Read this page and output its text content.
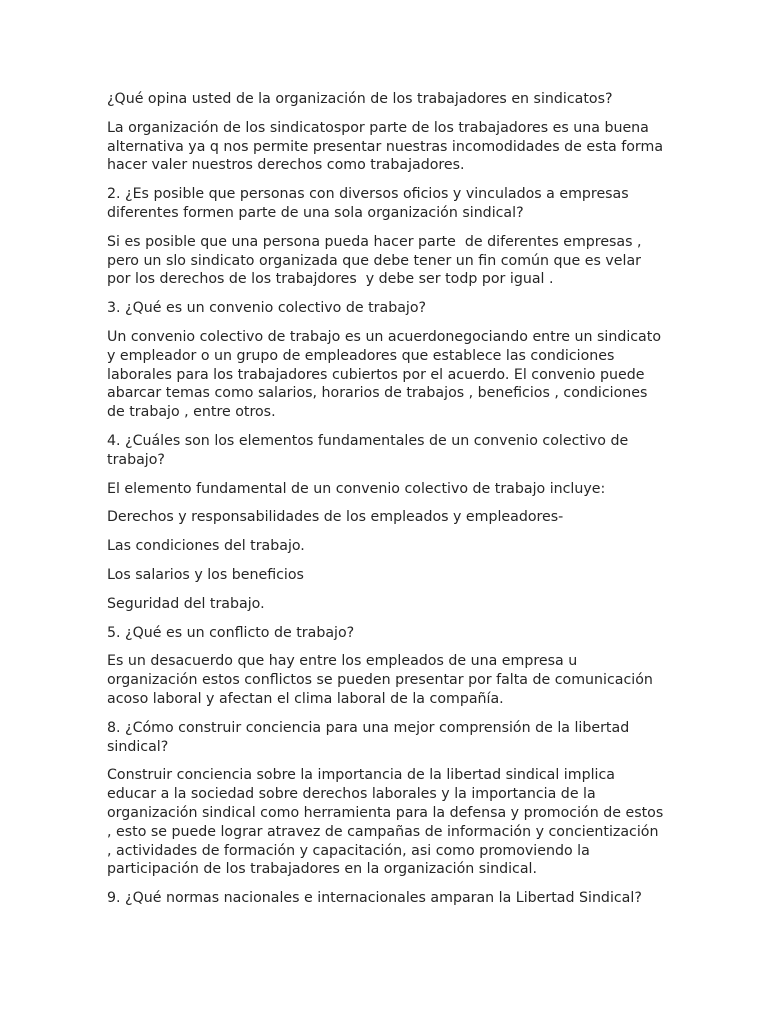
¿Qué opina usted de la organización de los trabajadores en sindicatos?

La organización de los sindicatospor parte de los trabajadores es una buena alternativa ya q nos permite presentar nuestras incomodidades de esta forma hacer valer nuestros derechos como trabajadores.

2. ¿Es posible que personas con diversos oficios y vinculados a empresas diferentes formen parte de una sola organización sindical?

Si es posible que una persona pueda hacer parte  de diferentes empresas , pero un slo sindicato organizada que debe tener un fin común que es velar por los derechos de los trabajdores  y debe ser todp por igual .

3. ¿Qué es un convenio colectivo de trabajo?

Un convenio colectivo de trabajo es un acuerdonegociando entre un sindicato y empleador o un grupo de empleadores que establece las condiciones laborales para los trabajadores cubiertos por el acuerdo. El convenio puede abarcar temas como salarios, horarios de trabajos , beneficios , condiciones de trabajo , entre otros.

4. ¿Cuáles son los elementos fundamentales de un convenio colectivo de trabajo?

El elemento fundamental de un convenio colectivo de trabajo incluye:

Derechos y responsabilidades de los empleados y empleadores-

Las condiciones del trabajo.

Los salarios y los beneficios

Seguridad del trabajo.

5. ¿Qué es un conflicto de trabajo?

Es un desacuerdo que hay entre los empleados de una empresa u organización estos conflictos se pueden presentar por falta de comunicación acoso laboral y afectan el clima laboral de la compañía.

8. ¿Cómo construir conciencia para una mejor comprensión de la libertad sindical?

Construir conciencia sobre la importancia de la libertad sindical implica educar a la sociedad sobre derechos laborales y la importancia de la organización sindical como herramienta para la defensa y promoción de estos , esto se puede lograr atravez de campañas de información y concientización , actividades de formación y capacitación, asi como promoviendo la participación de los trabajadores en la organización sindical.

9. ¿Qué normas nacionales e internacionales amparan la Libertad Sindical?
